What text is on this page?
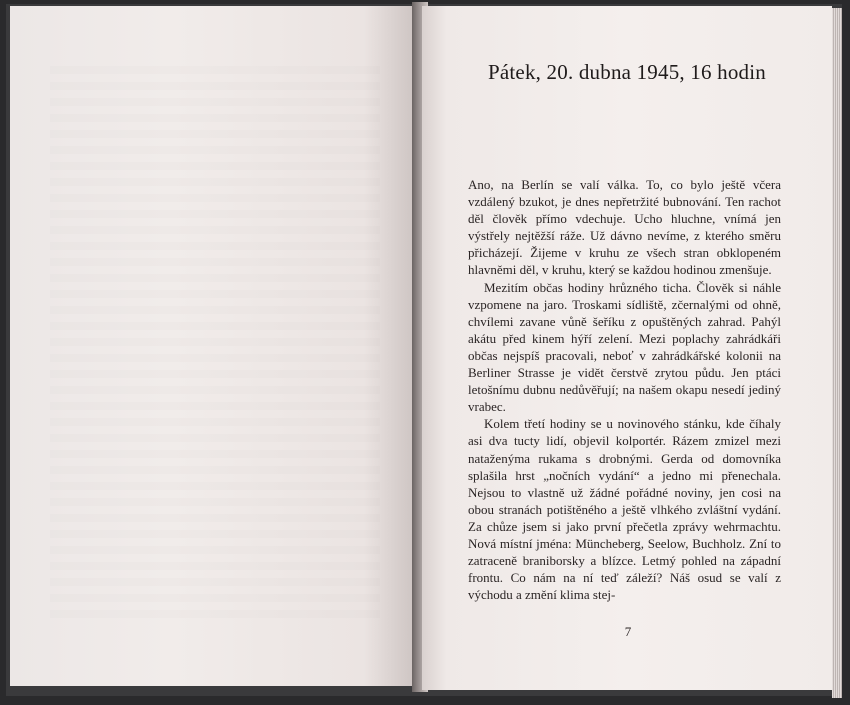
Pátek, 20. dubna 1945, 16 hodin

Ano, na Berlín se valí válka. To, co bylo ještě včera vzdálený bzukot, je dnes nepřetržité bubnování. Ten rachot děl člověk přímo vdechuje. Ucho hluchne, vnímá jen výstřely nejtěžší ráže. Už dávno nevíme, z kterého směru přicházejí. Žijeme v kruhu ze všech stran obklopeném hlavněmi děl, v kruhu, který se každou hodinou zmenšuje.

Mezitím občas hodiny hrůzného ticha. Člověk si náhle vzpomene na jaro. Troskami sídliště, zčernalými od ohně, chvílemi zavane vůně šeříku z opuštěných zahrad. Pahýl akátu před kinem hýří zelení. Mezi poplachy zahrádkáři občas nejspíš pracovali, neboť v zahrádkářské kolonii na Berliner Strasse je vidět čerstvě zrytou půdu. Jen ptáci letošnímu dubnu nedůvěřují; na našem okapu nesedí jediný vrabec.

Kolem třetí hodiny se u novinového stánku, kde číhaly asi dva tucty lidí, objevil kolportér. Rázem zmizel mezi nataženýma rukama s drobnými. Gerda od domovníka splašila hrst „nočních vydání“ a jedno mi přenechala. Nejsou to vlastně už žádné pořádné noviny, jen cosi na obou stranách potištěného a ještě vlhkého zvláštní vydání. Za chůze jsem si jako první přečetla zprávy wehrmachtu. Nová místní jména: Müncheberg, Seelow, Buchholz. Zní to zatraceně braniborsky a blízce. Letmý pohled na západní frontu. Co nám na ní teď záleží? Náš osud se valí z východu a změní klima stej-

7
